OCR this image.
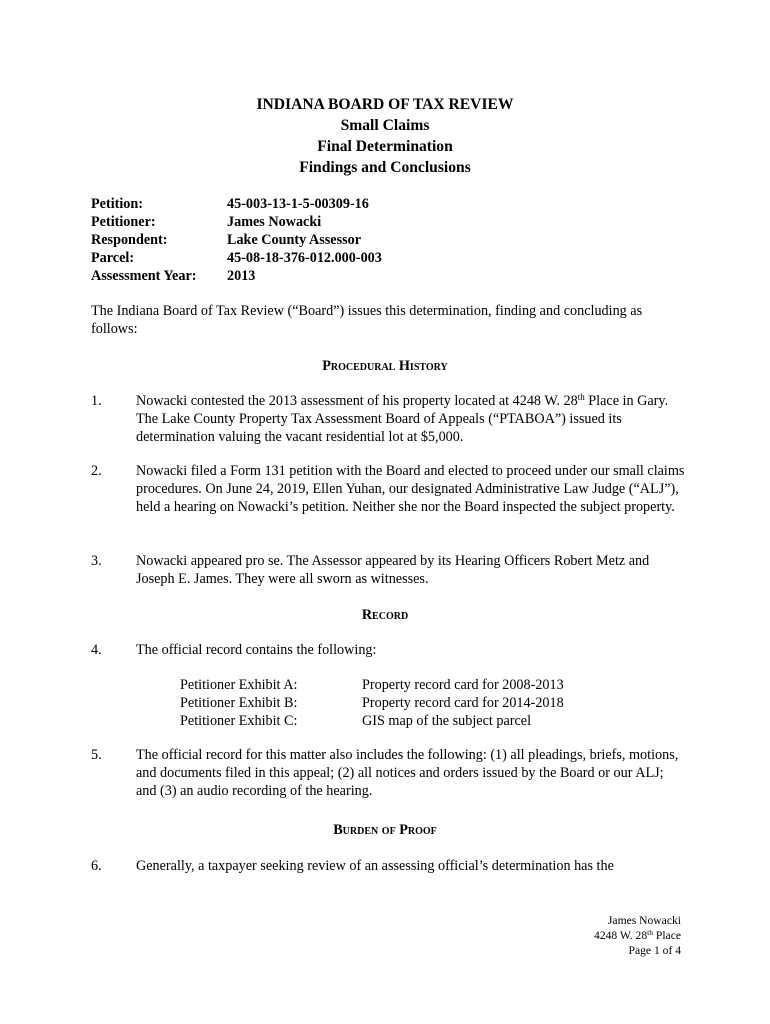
INDIANA BOARD OF TAX REVIEW
Small Claims
Final Determination
Findings and Conclusions
Petition:	45-003-13-1-5-00309-16
Petitioner:	James Nowacki
Respondent:	Lake County Assessor
Parcel:	45-08-18-376-012.000-003
Assessment Year:	2013
The Indiana Board of Tax Review (“Board”) issues this determination, finding and concluding as follows:
Procedural History
1. Nowacki contested the 2013 assessment of his property located at 4248 W. 28th Place in Gary. The Lake County Property Tax Assessment Board of Appeals (“PTABOA”) issued its determination valuing the vacant residential lot at $5,000.
2. Nowacki filed a Form 131 petition with the Board and elected to proceed under our small claims procedures. On June 24, 2019, Ellen Yuhan, our designated Administrative Law Judge (“ALJ”), held a hearing on Nowacki’s petition. Neither she nor the Board inspected the subject property.
3. Nowacki appeared pro se. The Assessor appeared by its Hearing Officers Robert Metz and Joseph E. James. They were all sworn as witnesses.
Record
4. The official record contains the following:
Petitioner Exhibit A:	Property record card for 2008-2013
Petitioner Exhibit B:	Property record card for 2014-2018
Petitioner Exhibit C:	GIS map of the subject parcel
5. The official record for this matter also includes the following: (1) all pleadings, briefs, motions, and documents filed in this appeal; (2) all notices and orders issued by the Board or our ALJ; and (3) an audio recording of the hearing.
Burden of Proof
6. Generally, a taxpayer seeking review of an assessing official’s determination has the
James Nowacki
4248 W. 28th Place
Page 1 of 4
